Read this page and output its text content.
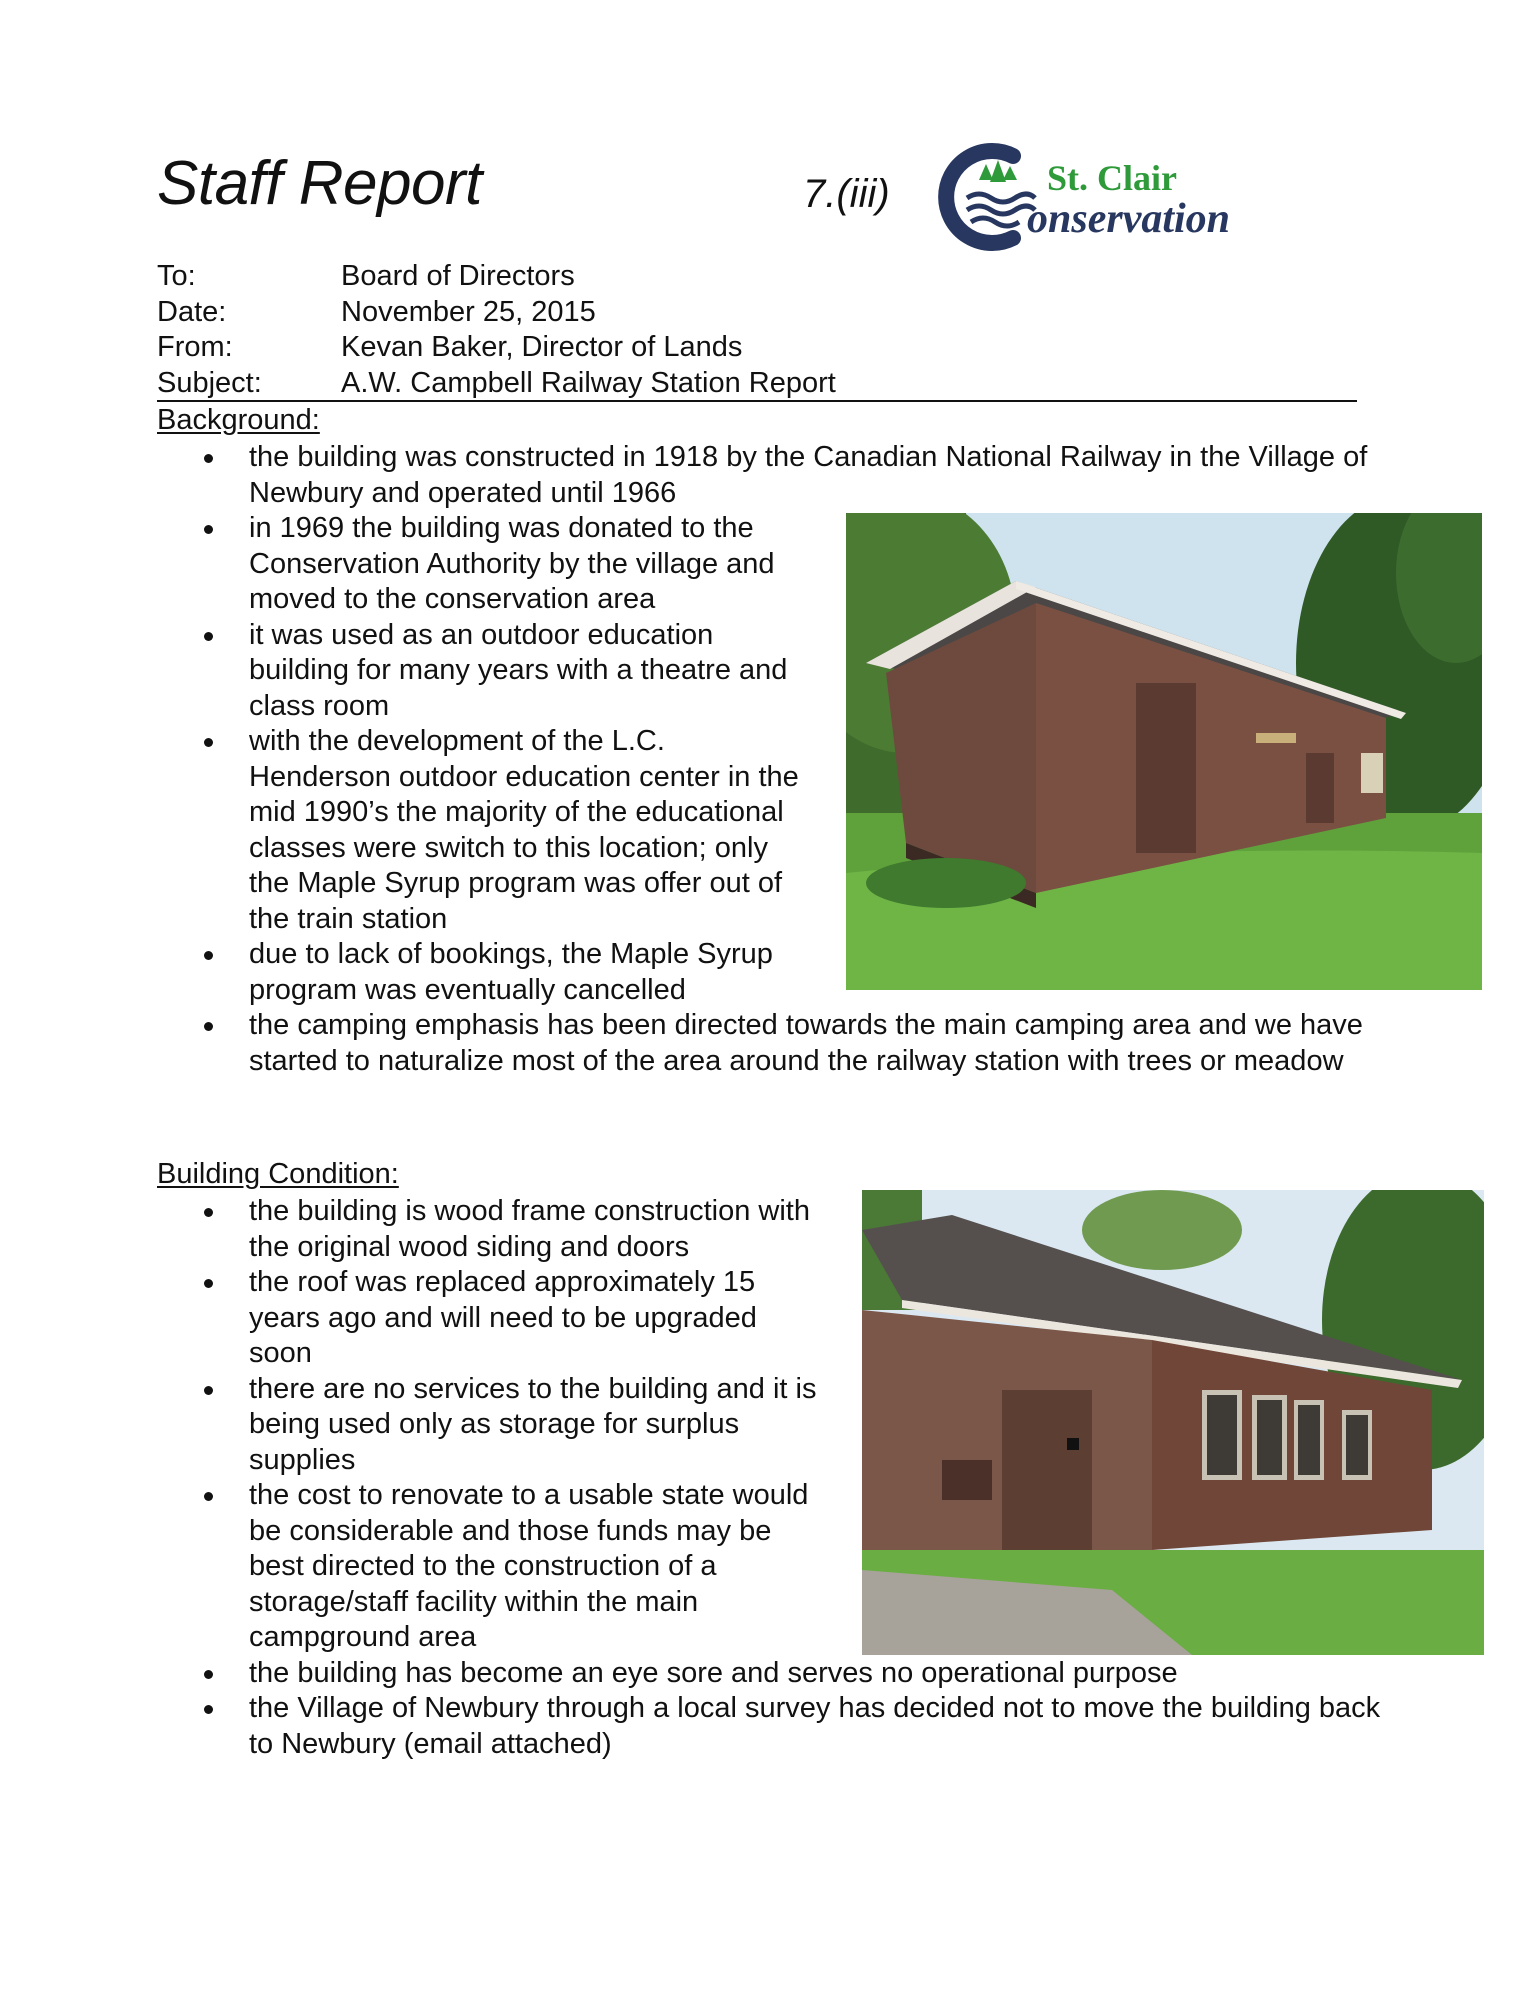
Staff Report	7.(iii)	St. Clair
onservation
To:	Board of Directors
Date:	November 25, 2015
From:	Kevan Baker, Director of Lands
Subject:	A.W. Campbell Railway Station Report
Background:
the building was constructed in 1918 by the Canadian National Railway in the Village of Newbury and operated until 1966
in 1969 the building was donated to the Conservation Authority by the village and moved to the conservation area
it was used as an outdoor education building for many years with a theatre and class room
with the development of the L.C. Henderson outdoor education center in the mid 1990’s the majority of the educational classes were switch to this location; only the Maple Syrup program was offer out of the train station
due to lack of bookings, the Maple Syrup program was eventually cancelled
the camping emphasis has been directed towards the main camping area and we have started to naturalize most of the area around the railway station with trees or meadow
Building Condition:
the building is wood frame construction with the original wood siding and doors
the roof was replaced approximately 15 years ago and will need to be upgraded soon
there are no services to the building and it is being used only as storage for surplus supplies
the cost to renovate to a usable state would be considerable and those funds may be best directed to the construction of a storage/staff facility within the main campground area
the building has become an eye sore and serves no operational purpose
the Village of Newbury through a local survey has decided not to move the building back to Newbury (email attached)
